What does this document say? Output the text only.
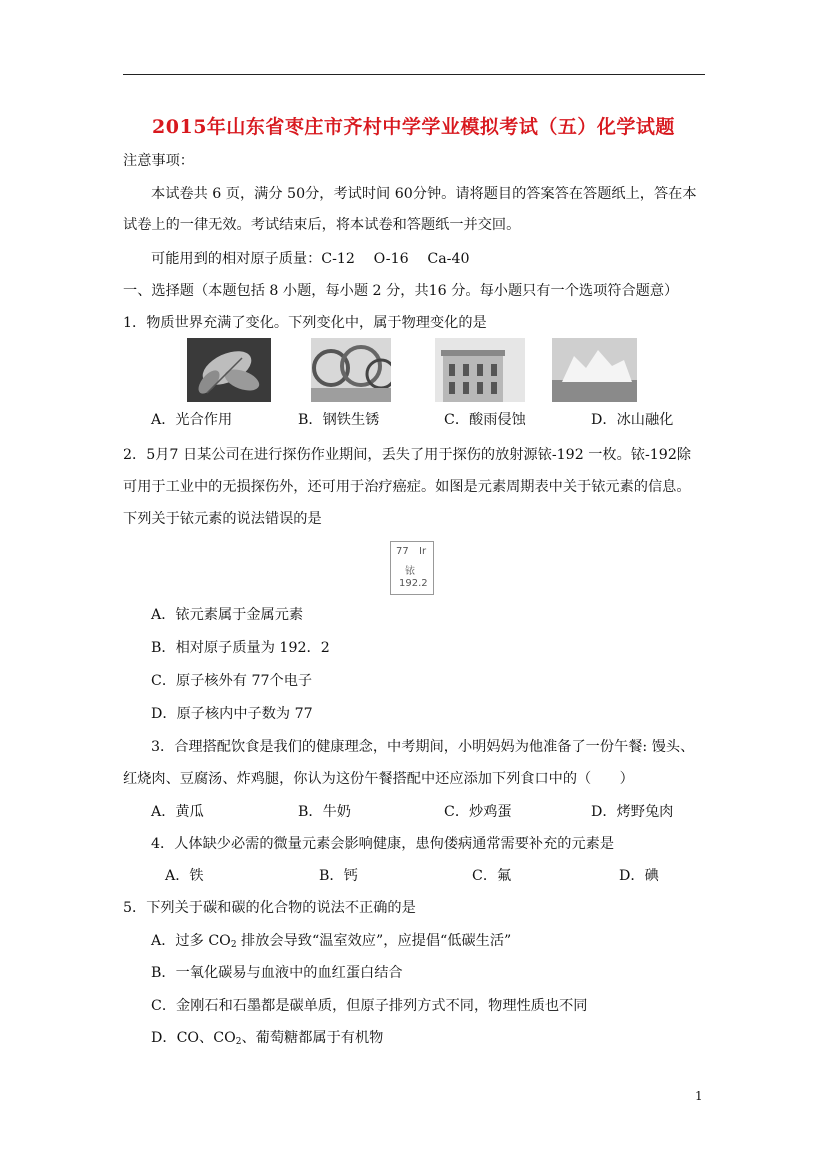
2015年山东省枣庄市齐村中学学业模拟考试（五）化学试题
注意事项：
本试卷共 6 页，满分 50分，考试时间 60分钟。请将题目的答案答在答题纸上，答在本
试卷上的一律无效。考试结束后，将本试卷和答题纸一并交回。
可能用到的相对原子质量：C-12　 O-16　 Ca-40
一、选择题（本题包括 8 小题，每小题 2 分，共16 分。每小题只有一个选项符合题意）
1．物质世界充满了变化。下列变化中，属于物理变化的是
A．光合作用	B．钢铁生锈	C．酸雨侵蚀	D．冰山融化
2．5月7 日某公司在进行探伤作业期间，丢失了用于探伤的放射源铱-192 一枚。铱-192除
可用于工业中的无损探伤外，还可用于治疗癌症。如图是元素周期表中关于铱元素的信息。
下列关于铱元素的说法错误的是
77 Ir
铱
192.2
A．铱元素属于金属元素
B．相对原子质量为 192．2
C．原子核外有 77个电子
D．原子核内中子数为 77
3．合理搭配饮食是我们的健康理念，中考期间，小明妈妈为他准备了一份午餐: 馒头、
红烧肉、豆腐汤、炸鸡腿，你认为这份午餐搭配中还应添加下列食口中的（　　）
A．黄瓜	B．牛奶	C．炒鸡蛋	D．烤野兔肉
4．人体缺少必需的微量元素会影响健康，患佝偻病通常需要补充的元素是
A．铁	B．钙	C．氟	D．碘
5．下列关于碳和碳的化合物的说法不正确的是
A．过多 $CO_2$ 排放会导致“温室效应”，应提倡“低碳生活”
B．一氧化碳易与血液中的血红蛋白结合
C．金刚石和石墨都是碳单质，但原子排列方式不同，物理性质也不同
D．CO、$CO_2$、葡萄糖都属于有机物
1
